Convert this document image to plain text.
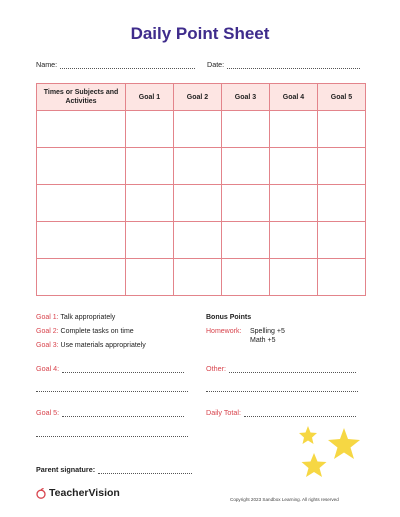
Daily Point Sheet
Name:	Date:
Times or Subjects and Activities	Goal 1	Goal 2	Goal 3	Goal 4	Goal 5

Goal 1: Talk appropriately
Goal 2: Complete tasks on time
Goal 3: Use materials appropriately
Bonus Points
Homework: Spelling +5
Math +5
Goal 4:	Other:
Goal 5:	Daily Total:
Parent signature:
TeacherVision
Copyright 2023 Sandbox Learning. All rights reserved
